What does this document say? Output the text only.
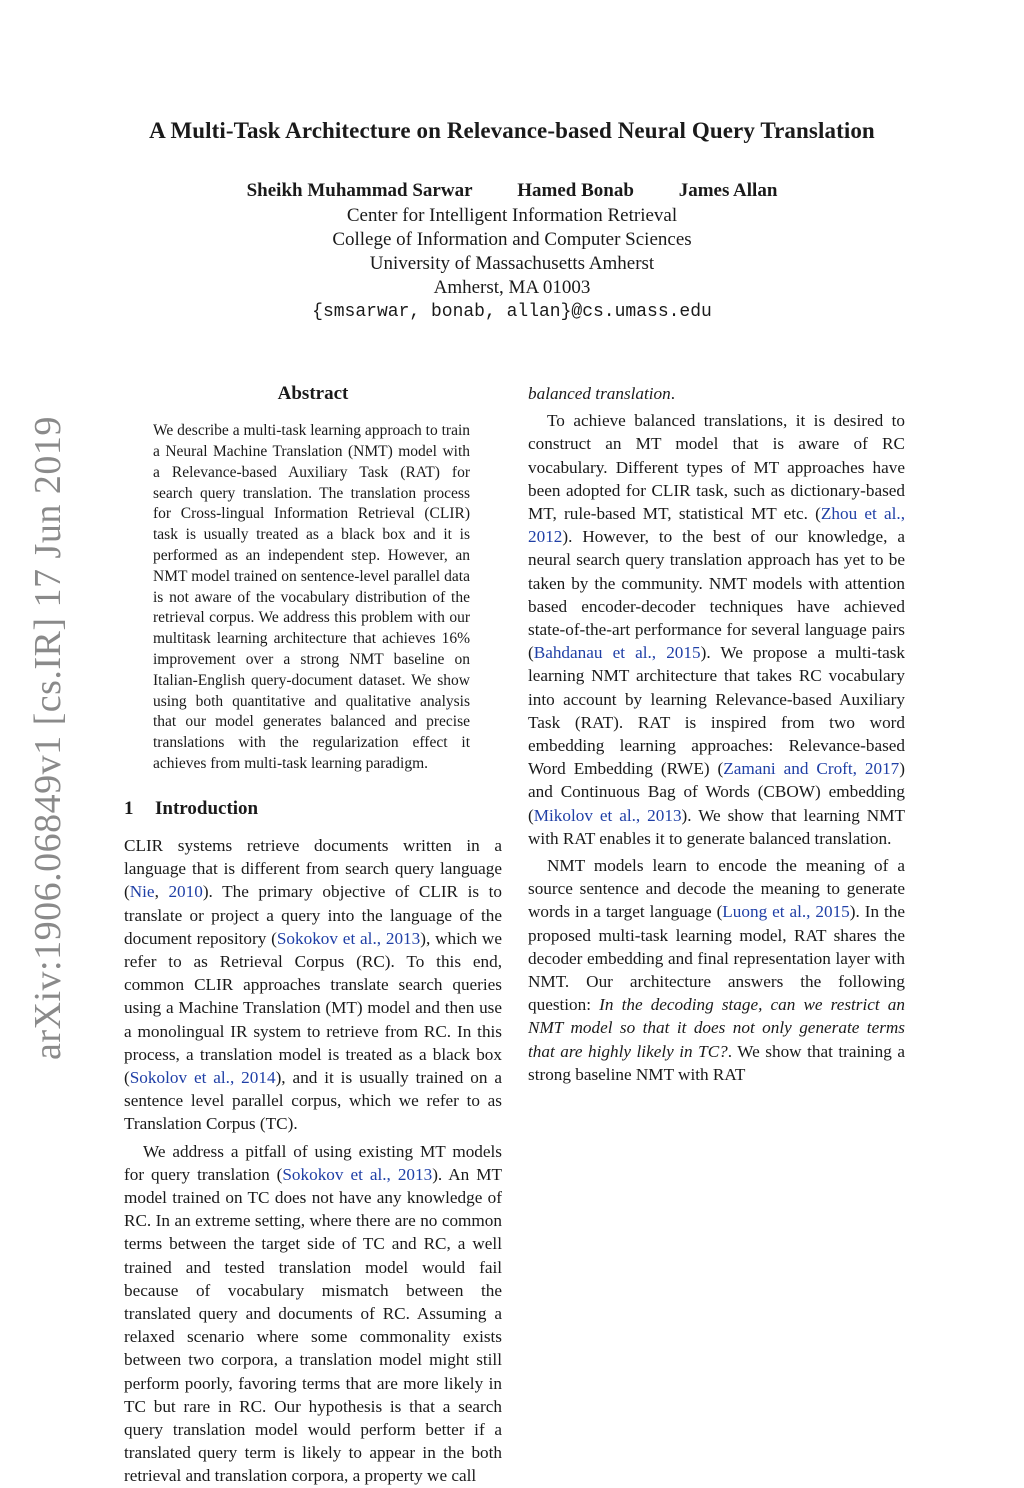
arXiv:1906.06849v1 [cs.IR] 17 Jun 2019
A Multi-Task Architecture on Relevance-based Neural Query Translation
Sheikh Muhammad Sarwar Hamed Bonab James Allan
Center for Intelligent Information Retrieval
College of Information and Computer Sciences
University of Massachusetts Amherst
Amherst, MA 01003
{smsarwar, bonab, allan}@cs.umass.edu
Abstract
We describe a multi-task learning approach to train a Neural Machine Translation (NMT) model with a Relevance-based Auxiliary Task (RAT) for search query translation. The translation process for Cross-lingual Information Retrieval (CLIR) task is usually treated as a black box and it is performed as an independent step. However, an NMT model trained on sentence-level parallel data is not aware of the vocabulary distribution of the retrieval corpus. We address this problem with our multitask learning architecture that achieves 16% improvement over a strong NMT baseline on Italian-English query-document dataset. We show using both quantitative and qualitative analysis that our model generates balanced and precise translations with the regularization effect it achieves from multi-task learning paradigm.
1 Introduction

CLIR systems retrieve documents written in a language that is different from search query language (Nie, 2010). The primary objective of CLIR is to translate or project a query into the language of the document repository (Sokokov et al., 2013), which we refer to as Retrieval Corpus (RC). To this end, common CLIR approaches translate search queries using a Machine Translation (MT) model and then use a monolingual IR system to retrieve from RC. In this process, a translation model is treated as a black box (Sokolov et al., 2014), and it is usually trained on a sentence level parallel corpus, which we refer to as Translation Corpus (TC).

We address a pitfall of using existing MT models for query translation (Sokokov et al., 2013). An MT model trained on TC does not have any knowledge of RC. In an extreme setting, where there are no common terms between the target side of TC and RC, a well trained and tested translation model would fail because of vocabulary mismatch between the translated query and documents of RC. Assuming a relaxed scenario where some commonality exists between two corpora, a translation model might still perform poorly, favoring terms that are more likely in TC but rare in RC. Our hypothesis is that a search query translation model would perform better if a translated query term is likely to appear in the both retrieval and translation corpora, a property we call

balanced translation.

To achieve balanced translations, it is desired to construct an MT model that is aware of RC vocabulary. Different types of MT approaches have been adopted for CLIR task, such as dictionary-based MT, rule-based MT, statistical MT etc. (Zhou et al., 2012). However, to the best of our knowledge, a neural search query translation approach has yet to be taken by the community. NMT models with attention based encoder-decoder techniques have achieved state-of-the-art performance for several language pairs (Bahdanau et al., 2015). We propose a multi-task learning NMT architecture that takes RC vocabulary into account by learning Relevance-based Auxiliary Task (RAT). RAT is inspired from two word embedding learning approaches: Relevance-based Word Embedding (RWE) (Zamani and Croft, 2017) and Continuous Bag of Words (CBOW) embedding (Mikolov et al., 2013). We show that learning NMT with RAT enables it to generate balanced translation.

NMT models learn to encode the meaning of a source sentence and decode the meaning to generate words in a target language (Luong et al., 2015). In the proposed multi-task learning model, RAT shares the decoder embedding and final representation layer with NMT. Our architecture answers the following question: In the decoding stage, can we restrict an NMT model so that it does not only generate terms that are highly likely in TC?. We show that training a strong baseline NMT with RAT
